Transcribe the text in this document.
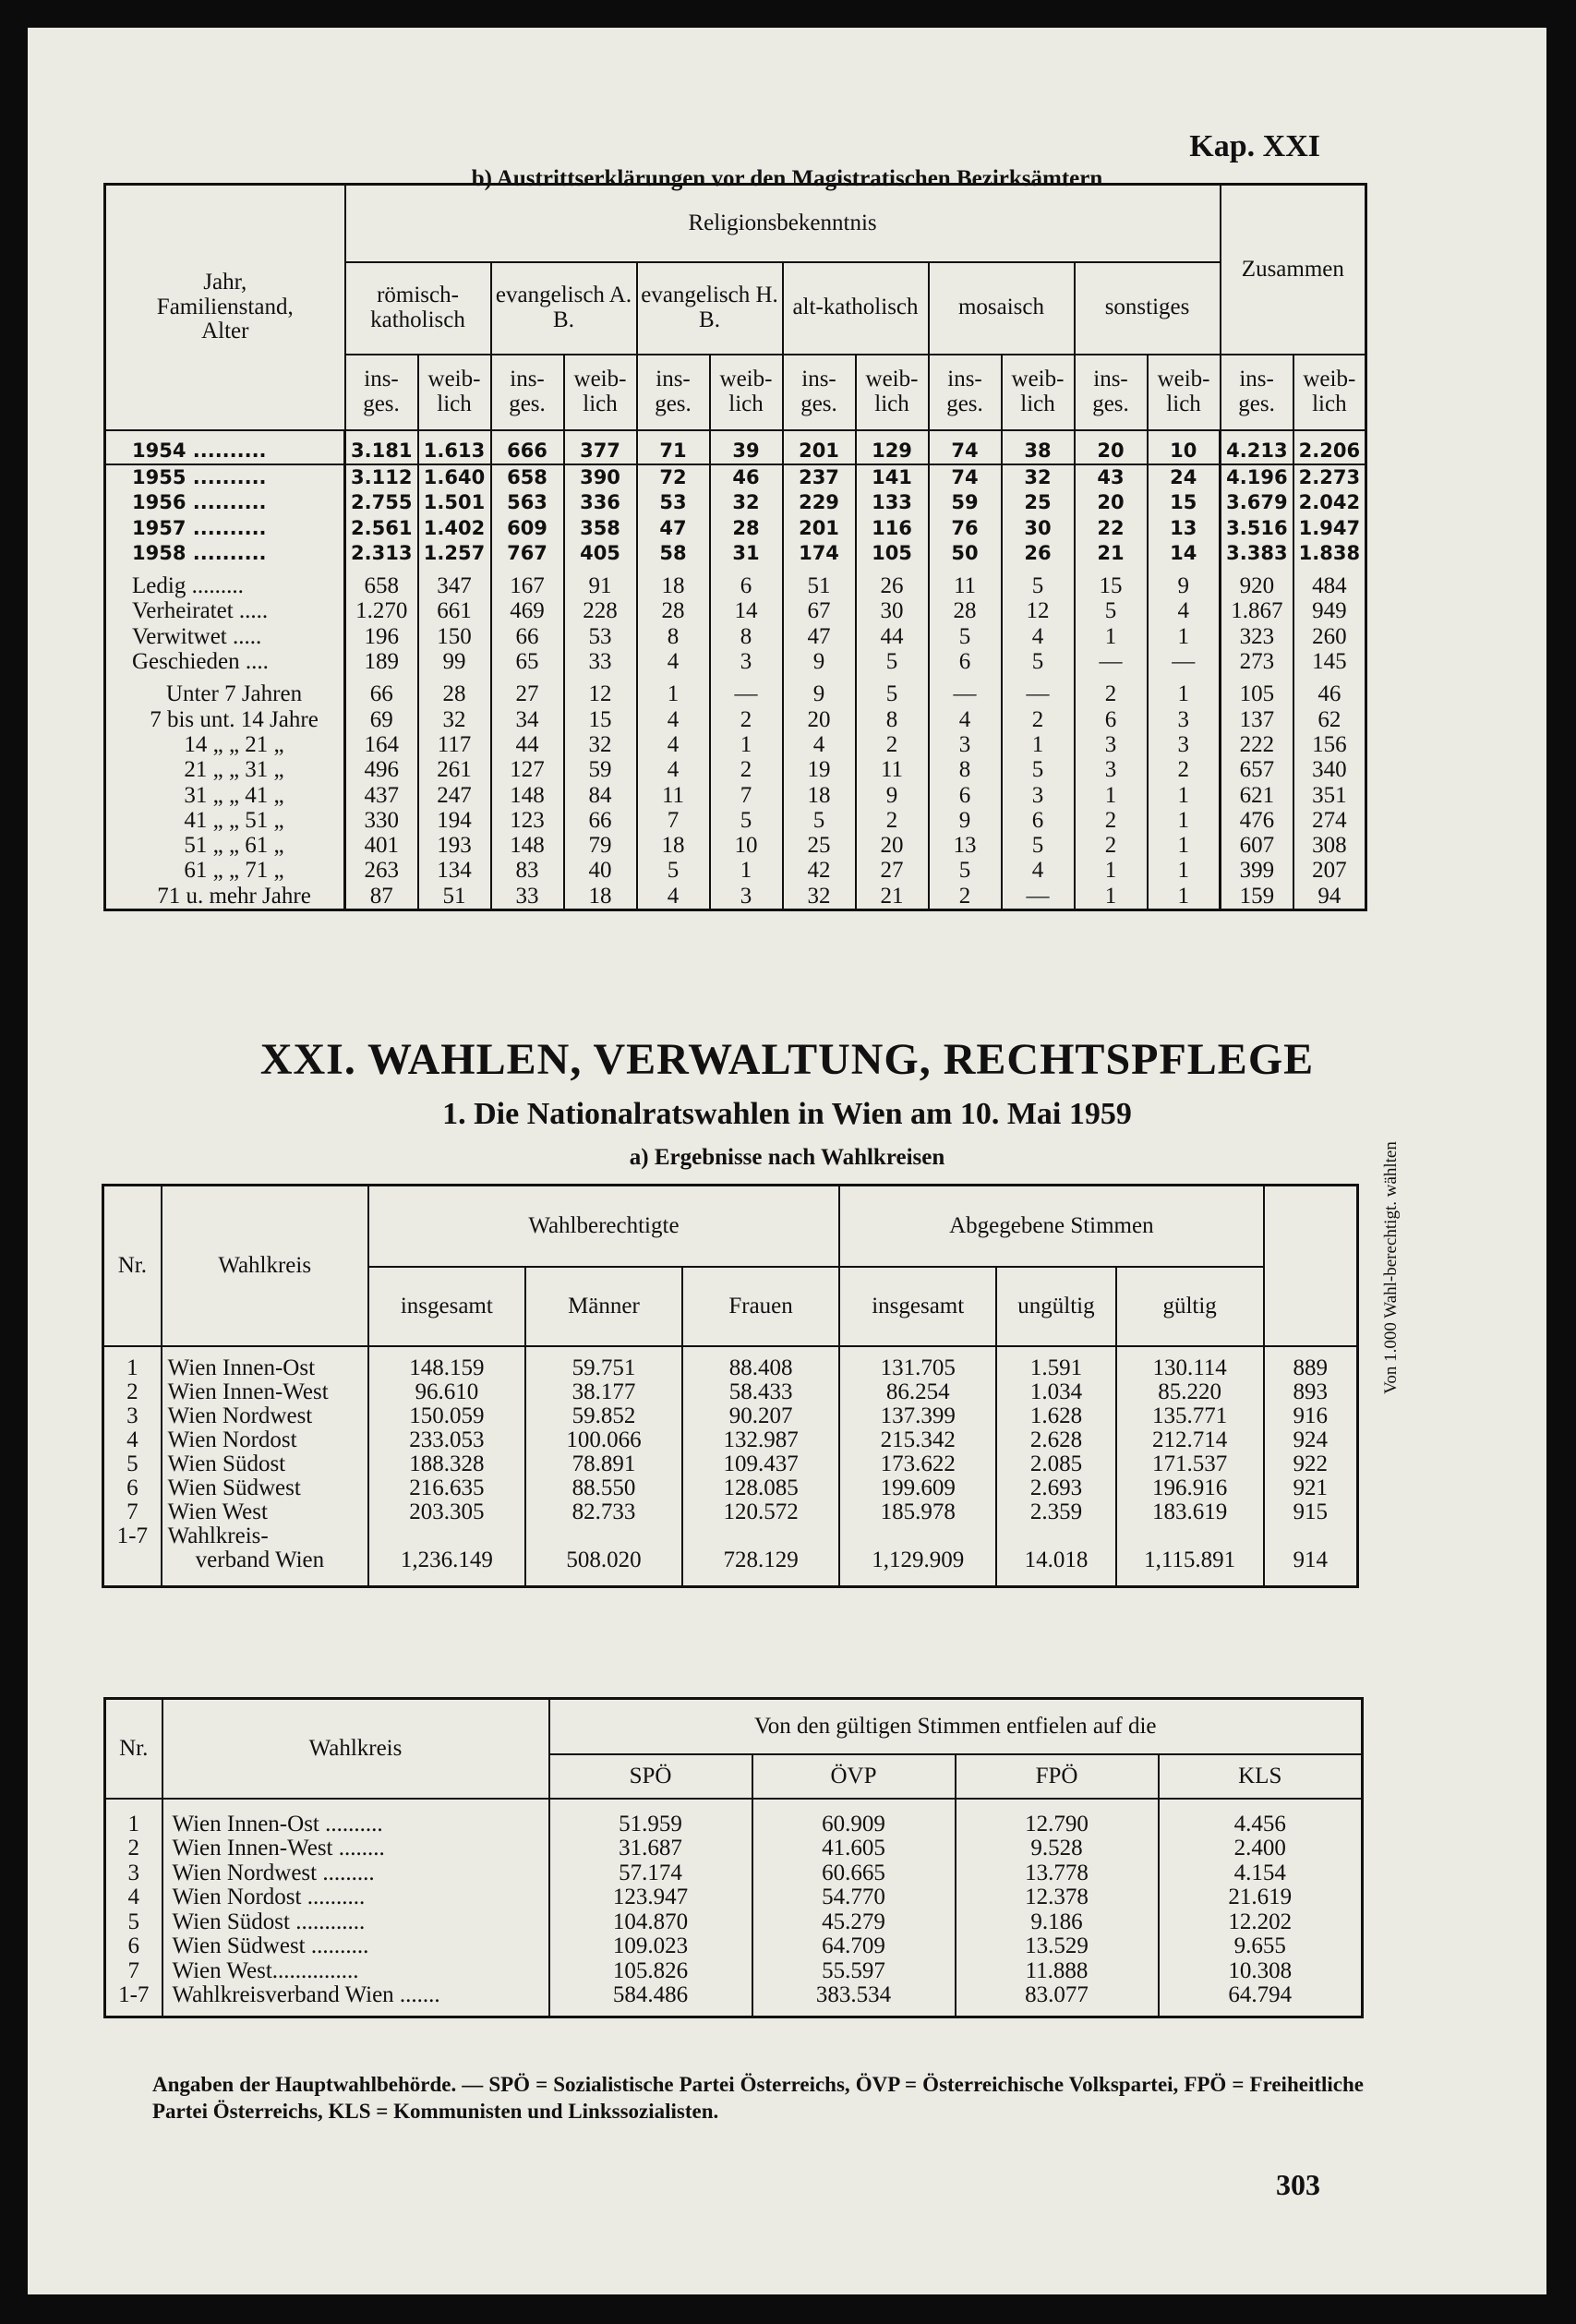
Kap. XXI
b) Austrittserklärungen vor den Magistratischen Bezirksämtern
Jahr, Familienstand, Alter	Religionsbekenntnis												Zusammen	
	römisch-katholisch		evangelisch A. B.		evangelisch H. B.		alt-katholisch		mosaisch		sonstiges			
	ins-ges.	weib-lich	ins-ges.	weib-lich	ins-ges.	weib-lich	ins-ges.	weib-lich	ins-ges.	weib-lich	ins-ges.	weib-lich	ins-ges.	weib-lich
1954 ..........	3.181	1.613	666	377	71	39	201	129	74	38	20	10	4.213	2.206
1955 ..........	3.112	1.640	658	390	72	46	237	141	74	32	43	24	4.196	2.273
1956 ..........	2.755	1.501	563	336	53	32	229	133	59	25	20	15	3.679	2.042
1957 ..........	2.561	1.402	609	358	47	28	201	116	76	30	22	13	3.516	1.947
1958 ..........	2.313	1.257	767	405	58	31	174	105	50	26	21	14	3.383	1.838
Ledig .........	658	347	167	91	18	6	51	26	11	5	15	9	920	484
Verheiratet .....	1.270	661	469	228	28	14	67	30	28	12	5	4	1.867	949
Verwitwet .....	196	150	66	53	8	8	47	44	5	4	1	1	323	260
Geschieden ....	189	99	65	33	4	3	9	5	6	5	—	—	273	145
Unter 7 Jahren	66	28	27	12	1	—	9	5	—	—	2	1	105	46
7 bis unt. 14 Jahre	69	32	34	15	4	2	20	8	4	2	6	3	137	62
14 „ „ 21 „	164	117	44	32	4	1	4	2	3	1	3	3	222	156
21 „ „ 31 „	496	261	127	59	4	2	19	11	8	5	3	2	657	340
31 „ „ 41 „	437	247	148	84	11	7	18	9	6	3	1	1	621	351
41 „ „ 51 „	330	194	123	66	7	5	5	2	9	6	2	1	476	274
51 „ „ 61 „	401	193	148	79	18	10	25	20	13	5	2	1	607	308
61 „ „ 71 „	263	134	83	40	5	1	42	27	5	4	1	1	399	207
71 u. mehr Jahre	87	51	33	18	4	3	32	21	2	—	1	1	159	94
XXI. WAHLEN, VERWALTUNG, RECHTSPFLEGE
1. Die Nationalratswahlen in Wien am 10. Mai 1959
a) Ergebnisse nach Wahlkreisen
Nr.	Wahlkreis	Wahlberechtigte			Abgegebene Stimmen			Von 1.000 Wahl-berechtigt. wählten
		insgesamt	Männer	Frauen	insgesamt	ungültig	gültig	

1	Wien Innen-Ost	148.159	59.751	88.408	131.705	1.591	130.114	889
2	Wien Innen-West	96.610	38.177	58.433	86.254	1.034	85.220	893
3	Wien Nordwest	150.059	59.852	90.207	137.399	1.628	135.771	916
4	Wien Nordost	233.053	100.066	132.987	215.342	2.628	212.714	924
5	Wien Südost	188.328	78.891	109.437	173.622	2.085	171.537	922
6	Wien Südwest	216.635	88.550	128.085	199.609	2.693	196.916	921
7	Wien West	203.305	82.733	120.572	185.978	2.359	183.619	915
1-7	Wahlkreis-							
	verband Wien	1,236.149	508.020	728.129	1,129.909	14.018	1,115.891	914

Nr.	Wahlkreis	Von den gültigen Stimmen entfielen auf die			
		SPÖ	ÖVP	FPÖ	KLS

1	Wien Innen-Ost ..........	51.959	60.909	12.790	4.456
2	Wien Innen-West ........	31.687	41.605	9.528	2.400
3	Wien Nordwest .........	57.174	60.665	13.778	4.154
4	Wien Nordost ..........	123.947	54.770	12.378	21.619
5	Wien Südost ............	104.870	45.279	9.186	12.202
6	Wien Südwest ..........	109.023	64.709	13.529	9.655
7	Wien West...............	105.826	55.597	11.888	10.308
1-7	Wahlkreisverband Wien .......	584.486	383.534	83.077	64.794

Angaben der Hauptwahlbehörde. — SPÖ = Sozialistische Partei Österreichs, ÖVP = Österreichische Volkspartei, FPÖ = Freiheitliche Partei Österreichs, KLS = Kommunisten und Linkssozialisten.
303
